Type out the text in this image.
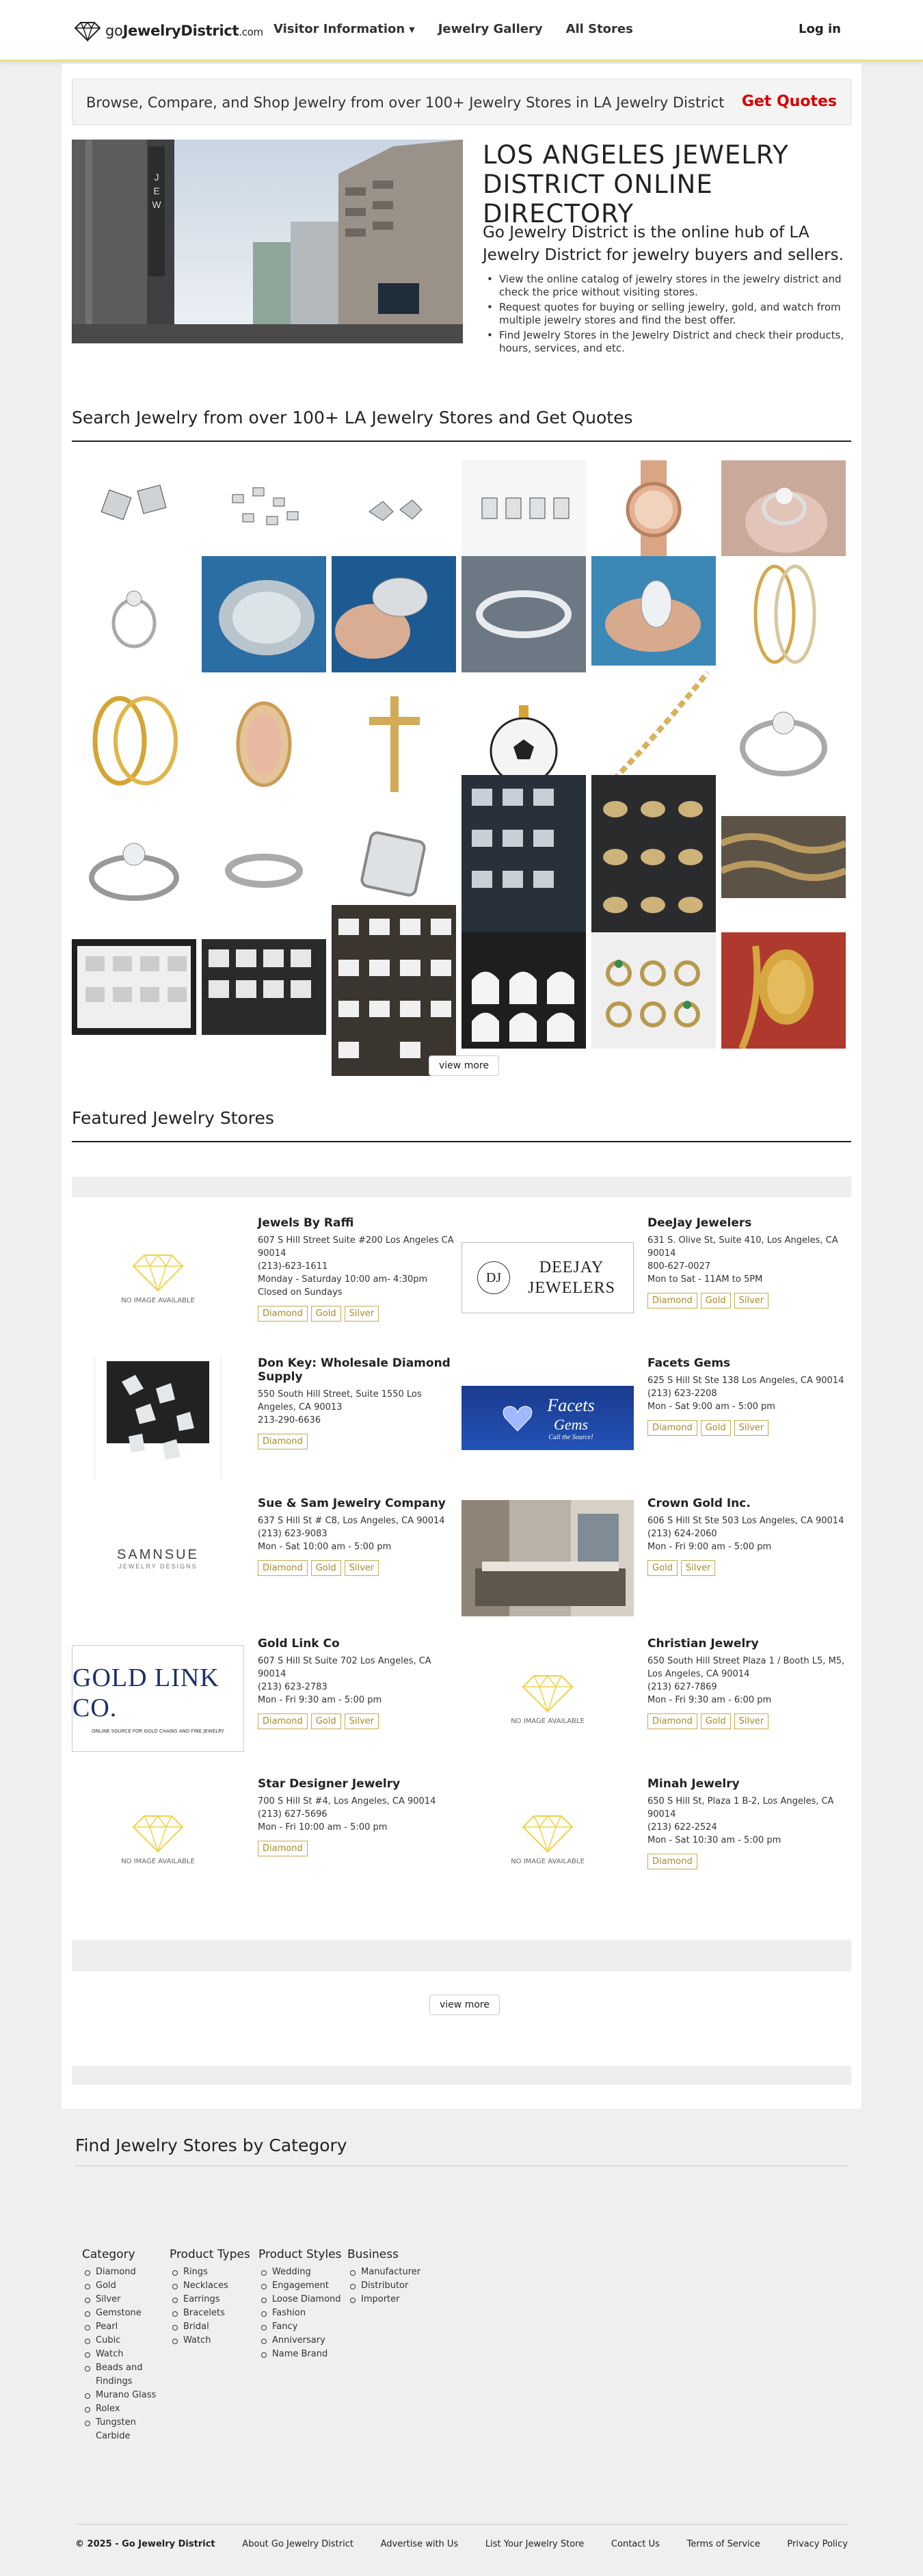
goJewelryDistrict.com Visitor Information ▼ Jewelry Gallery All Stores	Log in
Browse, Compare, and Shop Jewelry from over 100+ Jewelry Stores in LA Jewelry District Get Quotes
J
E
W
LOS ANGELES JEWELRY DISTRICT ONLINE DIRECTORY
Go Jewelry District is the online hub of LA Jewelry District for jewelry buyers and sellers.
• View the online catalog of jewelry stores in the jewelry district and check the price without visiting stores.
• Request quotes for buying or selling jewelry, gold, and watch from multiple jewelry stores and find the best offer.
• Find Jewelry Stores in the Jewelry District and check their products, hours, services, and etc.
Search Jewelry from over 100+ LA Jewelry Stores and Get Quotes
view more
Featured Jewelry Stores
NO IMAGE AVAILABLE
Jewels By Raffi
607 S Hill Street Suite #200 Los Angeles CA 90014
(213)-623-1611
Monday - Saturday 10:00 am- 4:30pm
Closed on Sundays
Diamond	Gold	Silver
DJ
DEEJAY
JEWELERS
DeeJay Jewelers
631 S. Olive St, Suite 410, Los Angeles, CA 90014
800-627-0027
Mon to Sat - 11AM to 5PM
Diamond	Gold	Silver
Don Key: Wholesale Diamond Supply
550 South Hill Street, Suite 1550 Los Angeles, CA 90013
213-290-6636
Diamond
Facets
Gems
Call the Source!
Facets Gems
625 S Hill St Ste 138 Los Angeles, CA 90014
(213) 623-2208
Mon - Sat 9:00 am - 5:00 pm
Diamond	Gold	Silver
SAMNSUE
JEWELRY DESIGNS
Sue & Sam Jewelry Company
637 S Hill St # C8, Los Angeles, CA 90014
(213) 623-9083
Mon - Sat 10:00 am - 5:00 pm
Diamond	Gold	Silver
Crown Gold Inc.
606 S Hill St Ste 503 Los Angeles, CA 90014
(213) 624-2060
Mon - Fri 9:00 am - 5:00 pm
Gold	Silver
GOLD LINK CO.
ONLINE SOURCE FOR GOLD CHAINS AND FINE JEWELRY
Gold Link Co
607 S Hill St Suite 702 Los Angeles, CA 90014
(213) 623-2783
Mon - Fri 9:30 am - 5:00 pm
Diamond	Gold	Silver	NO IMAGE AVAILABLE
Christian Jewelry
650 South Hill Street Plaza 1 / Booth L5, M5, Los Angeles, CA 90014
(213) 627-7869
Mon - Fri 9:30 am - 6:00 pm
Diamond	Gold	Silver
NO IMAGE AVAILABLE
Star Designer Jewelry
700 S Hill St #4, Los Angeles, CA 90014
(213) 627-5696
Mon - Fri 10:00 am - 5:00 pm
Diamond
NO IMAGE AVAILABLE
Minah Jewelry
650 S Hill St, Plaza 1 B-2, Los Angeles, CA 90014
(213) 622-2524
Mon - Sat 10:30 am - 5:00 pm
Diamond
view more
Find Jewelry Stores by Category
Category
Diamond
Gold
Silver
Gemstone
Pearl
Cubic
Watch
Beads and Findings
Murano Glass
Rolex
Tungsten Carbide
Product Types
Rings
Necklaces
Earrings
Bracelets
Bridal
Watch
Product Styles
Wedding
Engagement
Loose Diamond
Fashion
Fancy
Anniversary
Name Brand
Business
Manufacturer
Distributor
Importer
© 2025 - Go Jewelry District	About Go Jewelry District	Advertise with Us	List Your Jewelry Store	Contact Us	Terms of Service	Privacy Policy
